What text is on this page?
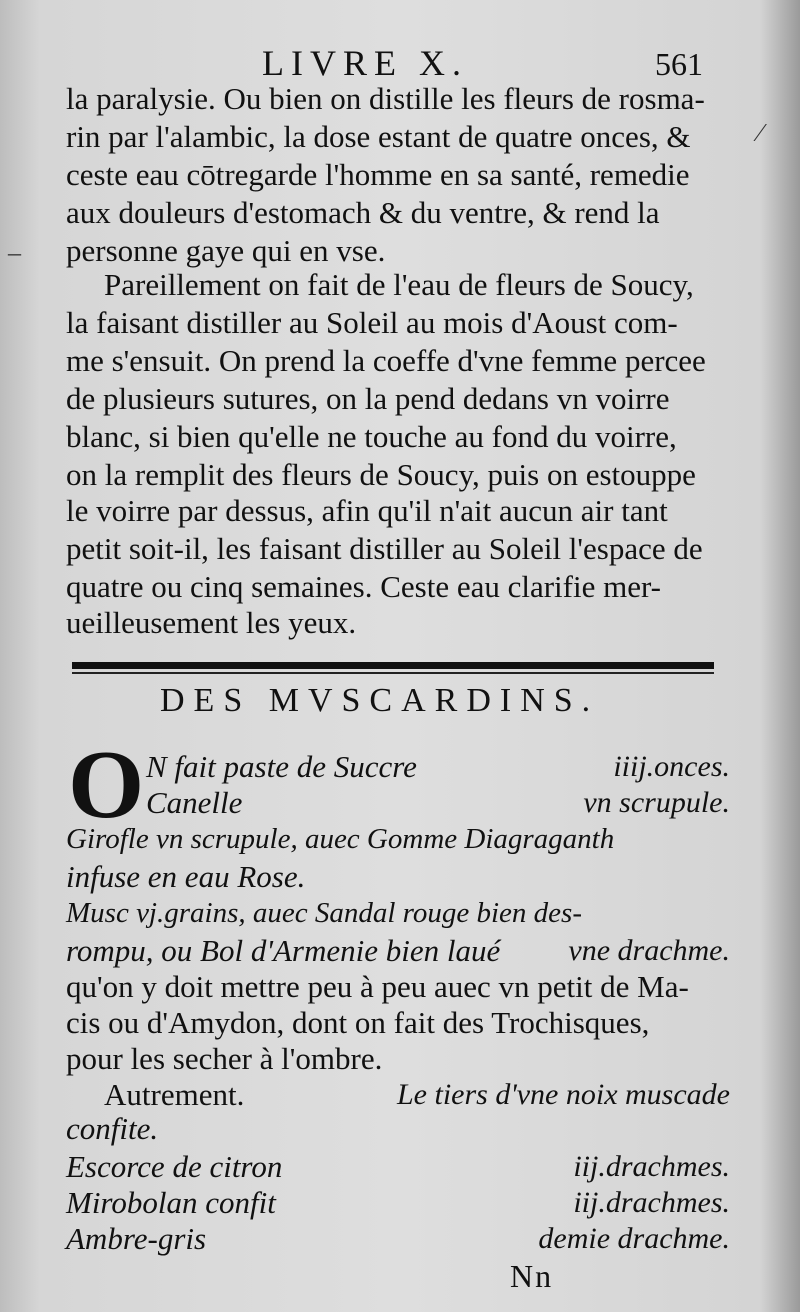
LIVRE X.	561
∕
–
la paralysie. Ou bien on distille les fleurs de rosma-
rin par l'alambic, la dose estant de quatre onces, &
ceste eau cōtregarde l'homme en sa santé, remedie
aux douleurs d'estomach & du ventre, & rend la
personne gaye qui en vse.
Pareillement on fait de l'eau de fleurs de Soucy,
la faisant distiller au Soleil au mois d'Aoust com-
me s'ensuit. On prend la coeffe d'vne femme percee
de plusieurs sutures, on la pend dedans vn voirre
blanc, si bien qu'elle ne touche au fond du voirre,
on la remplit des fleurs de Soucy, puis on estouppe
le voirre par dessus, afin qu'il n'ait aucun air tant
petit soit-il, les faisant distiller au Soleil l'espace de
quatre ou cinq semaines. Ceste eau clarifie mer-
ueilleusement les yeux.
DES MVSCARDINS.
O N fait paste de Succre	iiij.onces.
Canelle	vn scrupule.
Girofle vn scrupule, auec Gomme Diagraganth
infuse en eau Rose.
Musc vj.grains, auec Sandal rouge bien des-
rompu, ou Bol d'Armenie bien laué vne drachme.
qu'on y doit mettre peu à peu auec vn petit de Ma-
cis ou d'Amydon, dont on fait des Trochisques,
pour les secher à l'ombre.
Autrement.	Le tiers d'vne noix muscade
confite.
Escorce de citron	iij.drachmes.
Mirobolan confit	iij.drachmes.
Ambre-gris	demie drachme.
Nn
